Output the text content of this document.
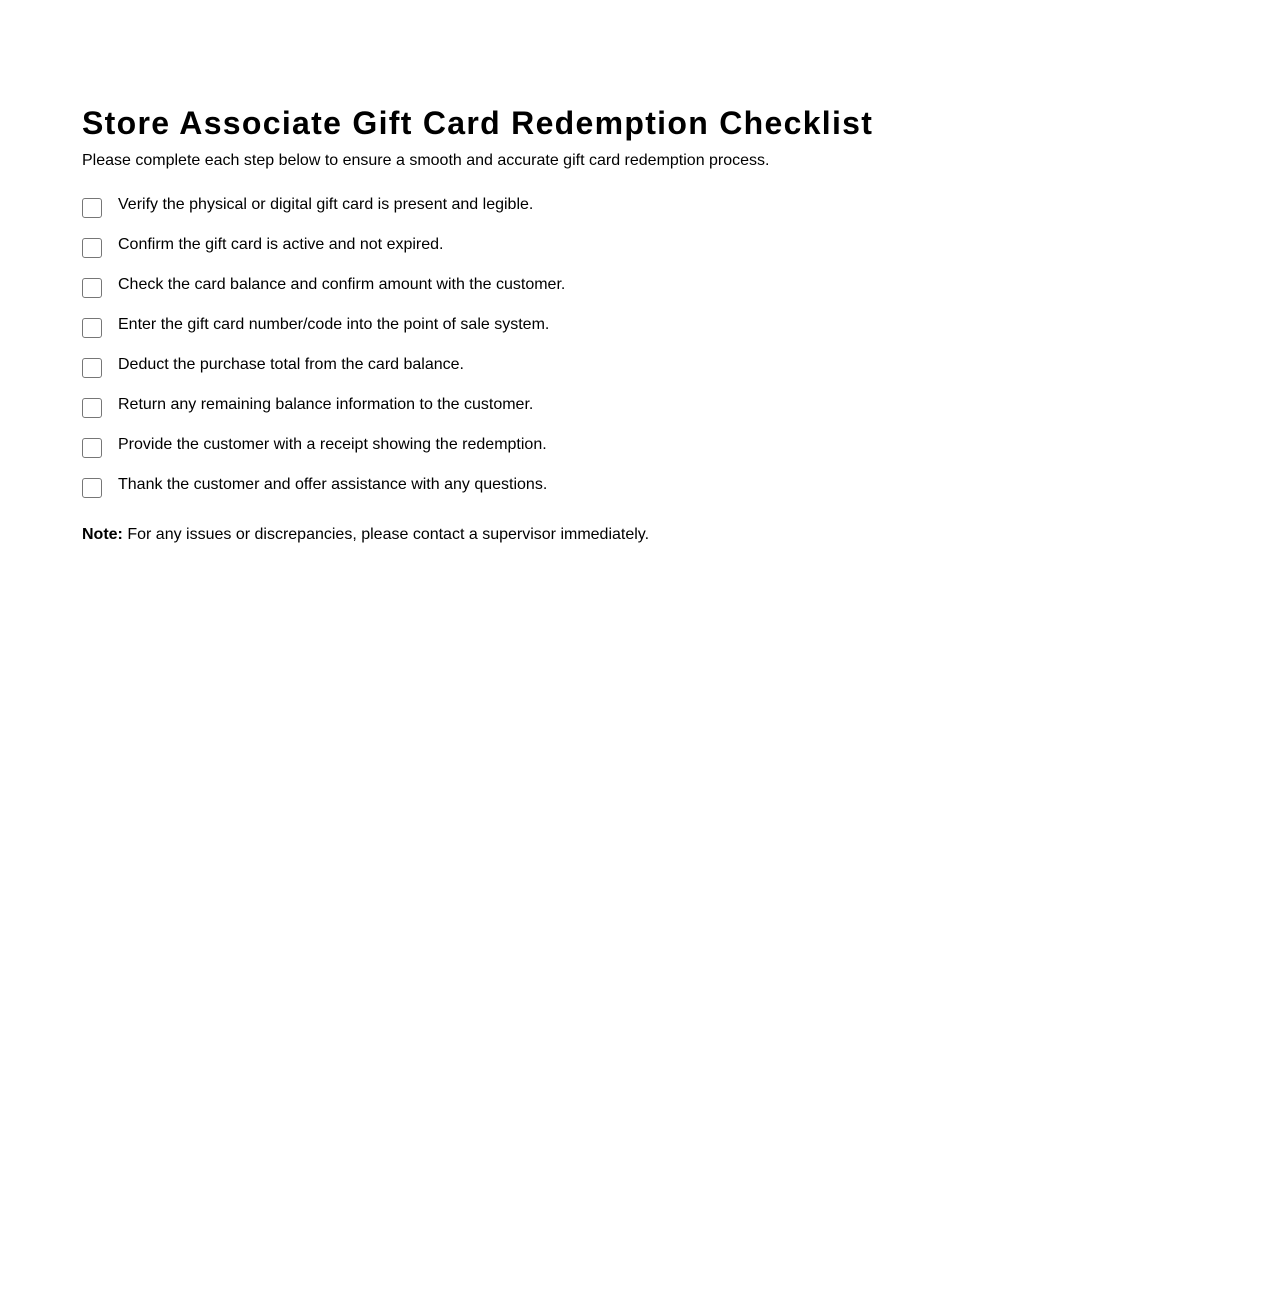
Store Associate Gift Card Redemption Checklist

Please complete each step below to ensure a smooth and accurate gift card redemption process.

Verify the physical or digital gift card is present and legible.
Confirm the gift card is active and not expired.
Check the card balance and confirm amount with the customer.
Enter the gift card number/code into the point of sale system.
Deduct the purchase total from the card balance.
Return any remaining balance information to the customer.
Provide the customer with a receipt showing the redemption.
Thank the customer and offer assistance with any questions.

Note: For any issues or discrepancies, please contact a supervisor immediately.
